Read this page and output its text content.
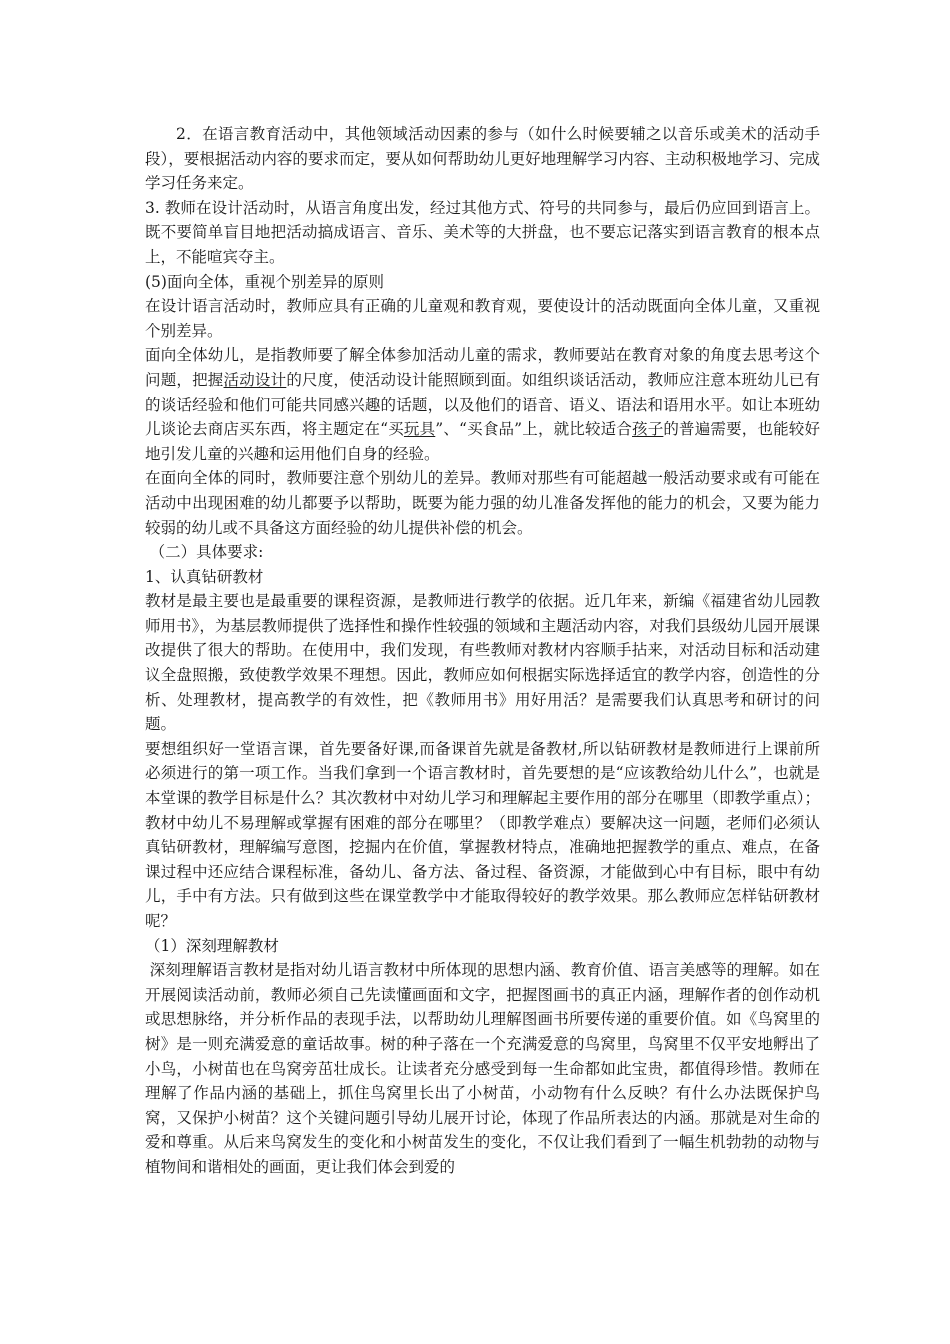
2．在语言教育活动中，其他领域活动因素的参与（如什么时候要辅之以音乐或美术的活动手段），要根据活动内容的要求而定，要从如何帮助幼儿更好地理解学习内容、主动积极地学习、完成学习任务来定。

3. 教师在设计活动时，从语言角度出发，经过其他方式、符号的共同参与，最后仍应回到语言上。既不要简单盲目地把活动搞成语言、音乐、美术等的大拼盘，也不要忘记落实到语言教育的根本点上，不能喧宾夺主。

(5)面向全体，重视个别差异的原则

在设计语言活动时，教师应具有正确的儿童观和教育观，要使设计的活动既面向全体儿童，又重视个别差异。

面向全体幼儿，是指教师要了解全体参加活动儿童的需求，教师要站在教育对象的角度去思考这个问题，把握活动设计的尺度，使活动设计能照顾到面。如组织谈话活动，教师应注意本班幼儿已有的谈话经验和他们可能共同感兴趣的话题，以及他们的语音、语义、语法和语用水平。如让本班幼儿谈论去商店买东西，将主题定在“买玩具”、“买食品”上，就比较适合孩子的普遍需要，也能较好地引发儿童的兴趣和运用他们自身的经验。

在面向全体的同时，教师要注意个别幼儿的差异。教师对那些有可能超越一般活动要求或有可能在活动中出现困难的幼儿都要予以帮助，既要为能力强的幼儿准备发挥他的能力的机会，又要为能力较弱的幼儿或不具备这方面经验的幼儿提供补偿的机会。

（二）具体要求:

1、认真钻研教材

教材是最主要也是最重要的课程资源，是教师进行教学的依据。近几年来，新编《福建省幼儿园教师用书》，为基层教师提供了选择性和操作性较强的领域和主题活动内容，对我们县级幼儿园开展课改提供了很大的帮助。在使用中，我们发现，有些教师对教材内容顺手拈来，对活动目标和活动建议全盘照搬，致使教学效果不理想。因此，教师应如何根据实际选择适宜的教学内容，创造性的分析、处理教材，提高教学的有效性，把《教师用书》用好用活？是需要我们认真思考和研讨的问题。

要想组织好一堂语言课，首先要备好课,而备课首先就是备教材,所以钻研教材是教师进行上课前所必须进行的第一项工作。当我们拿到一个语言教材时，首先要想的是“应该教给幼儿什么”，也就是本堂课的教学目标是什么？其次教材中对幼儿学习和理解起主要作用的部分在哪里（即教学重点）；教材中幼儿不易理解或掌握有困难的部分在哪里？（即教学难点）要解决这一问题，老师们必须认真钻研教材，理解编写意图，挖掘内在价值，掌握教材特点，准确地把握教学的重点、难点，在备课过程中还应结合课程标准，备幼儿、备方法、备过程、备资源，才能做到心中有目标，眼中有幼儿，手中有方法。只有做到这些在课堂教学中才能取得较好的教学效果。那么教师应怎样钻研教材呢？

（1）深刻理解教材

深刻理解语言教材是指对幼儿语言教材中所体现的思想内涵、教育价值、语言美感等的理解。如在开展阅读活动前，教师必须自己先读懂画面和文字，把握图画书的真正内涵，理解作者的创作动机或思想脉络，并分析作品的表现手法，以帮助幼儿理解图画书所要传递的重要价值。如《鸟窝里的树》是一则充满爱意的童话故事。树的种子落在一个充满爱意的鸟窝里，鸟窝里不仅平安地孵出了小鸟，小树苗也在鸟窝旁茁壮成长。让读者充分感受到每一生命都如此宝贵，都值得珍惜。教师在理解了作品内涵的基础上，抓住鸟窝里长出了小树苗，小动物有什么反映？有什么办法既保护鸟窝，又保护小树苗？这个关键问题引导幼儿展开讨论，体现了作品所表达的内涵。那就是对生命的爱和尊重。从后来鸟窝发生的变化和小树苗发生的变化，不仅让我们看到了一幅生机勃勃的动物与植物间和谐相处的画面，更让我们体会到爱的
